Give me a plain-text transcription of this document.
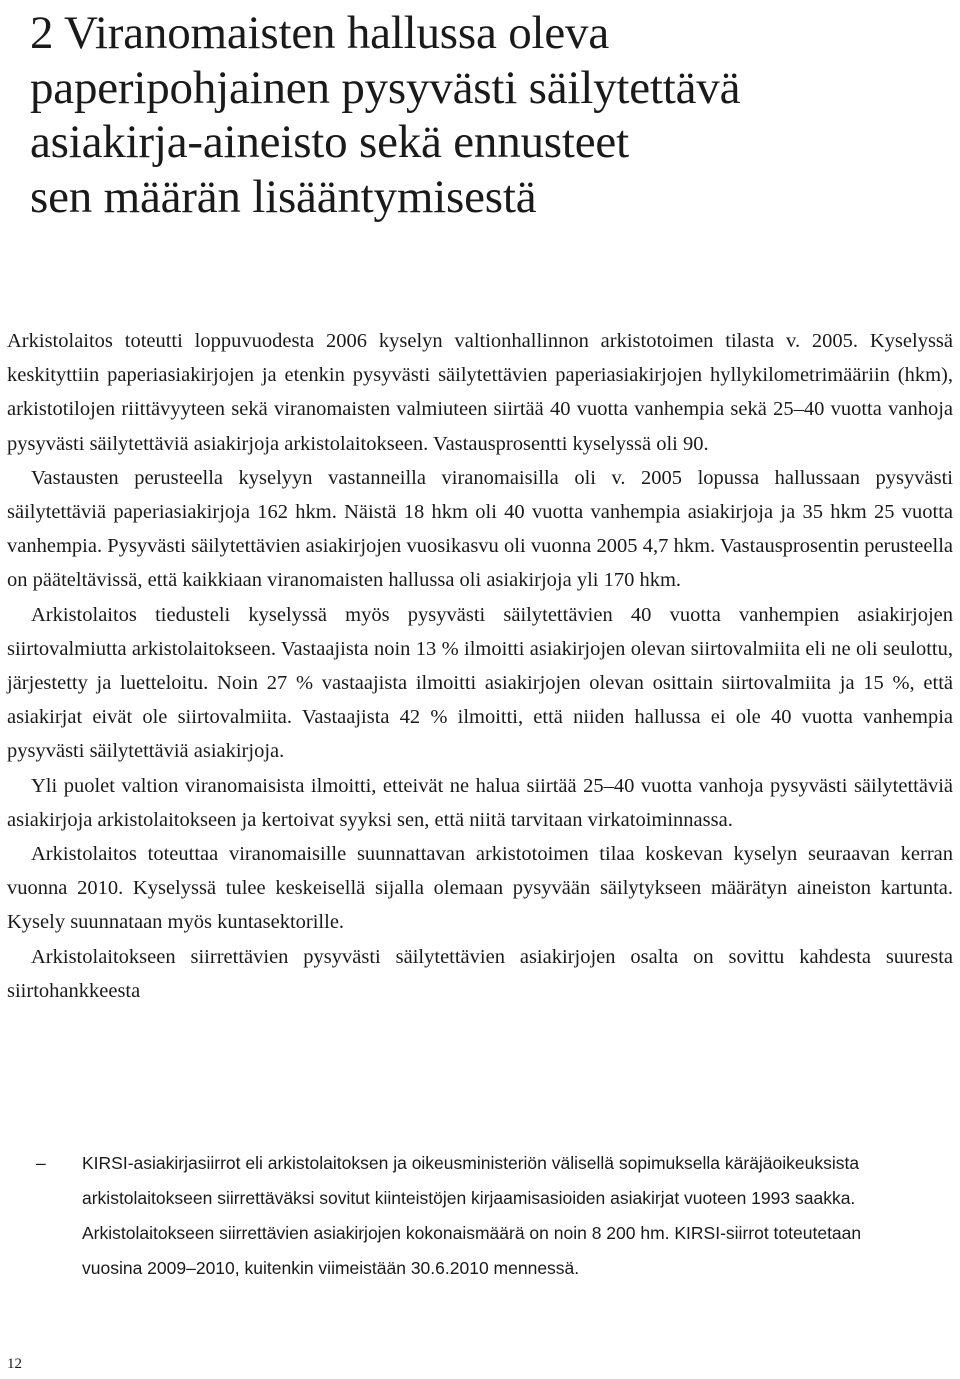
2 Viranomaisten hallussa oleva
paperipohjainen pysyvästi säilytettävä
asiakirja-aineisto sekä ennusteet
sen määrän lisääntymisestä

Arkistolaitos toteutti loppuvuodesta 2006 kyselyn valtionhallinnon arkistotoimen tilasta v. 2005. Kyselyssä keskityttiin paperiasiakirjojen ja etenkin pysyvästi säilytettävien paperiasiakirjojen hyllykilometrimääriin (hkm), arkistotilojen riittävyyteen sekä viranomaisten valmiuteen siirtää 40 vuotta vanhempia sekä 25–40 vuotta vanhoja pysyvästi säilytettäviä asiakirjoja arkistolaitokseen. Vastausprosentti kyselyssä oli 90.

Vastausten perusteella kyselyyn vastanneilla viranomaisilla oli v. 2005 lopussa hallussaan pysyvästi säilytettäviä paperiasiakirjoja 162 hkm. Näistä 18 hkm oli 40 vuotta vanhempia asiakirjoja ja 35 hkm 25 vuotta vanhempia. Pysyvästi säilytettävien asiakirjojen vuosikasvu oli vuonna 2005 4,7 hkm. Vastausprosentin perusteella on pääteltävissä, että kaikkiaan viranomaisten hallussa oli asiakirjoja yli 170 hkm.

Arkistolaitos tiedusteli kyselyssä myös pysyvästi säilytettävien 40 vuotta vanhempien asiakirjojen siirtovalmiutta arkistolaitokseen. Vastaajista noin 13 % ilmoitti asiakirjojen olevan siirtovalmiita eli ne oli seulottu, järjestetty ja luetteloitu. Noin 27 % vastaajista ilmoitti asiakirjojen olevan osittain siirtovalmiita ja 15 %, että asiakirjat eivät ole siirtovalmiita. Vastaajista 42 % ilmoitti, että niiden hallussa ei ole 40 vuotta vanhempia pysyvästi säilytettäviä asiakirjoja.

Yli puolet valtion viranomaisista ilmoitti, etteivät ne halua siirtää 25–40 vuotta vanhoja pysyvästi säilytettäviä asiakirjoja arkistolaitokseen ja kertoivat syyksi sen, että niitä tarvitaan virkatoiminnassa.

Arkistolaitos toteuttaa viranomaisille suunnattavan arkistotoimen tilaa koskevan kyselyn seuraavan kerran vuonna 2010. Kyselyssä tulee keskeisellä sijalla olemaan pysyvään säilytykseen määrätyn aineiston kartunta. Kysely suunnataan myös kuntasektorille.

Arkistolaitokseen siirrettävien pysyvästi säilytettävien asiakirjojen osalta on sovittu kahdesta suuresta siirtohankkeesta

–	KIRSI-asiakirjasiirrot eli arkistolaitoksen ja oikeusministeriön välisellä sopimuksella käräjäoikeuksista arkistolaitokseen siirrettäväksi sovitut kiinteistöjen kirjaamisasioiden asiakirjat vuoteen 1993 saakka. Arkistolaitokseen siirrettävien asiakirjojen kokonaismäärä on noin 8 200 hm. KIRSI-siirrot toteutetaan vuosina 2009–2010, kuitenkin viimeistään 30.6.2010 mennessä.
12
